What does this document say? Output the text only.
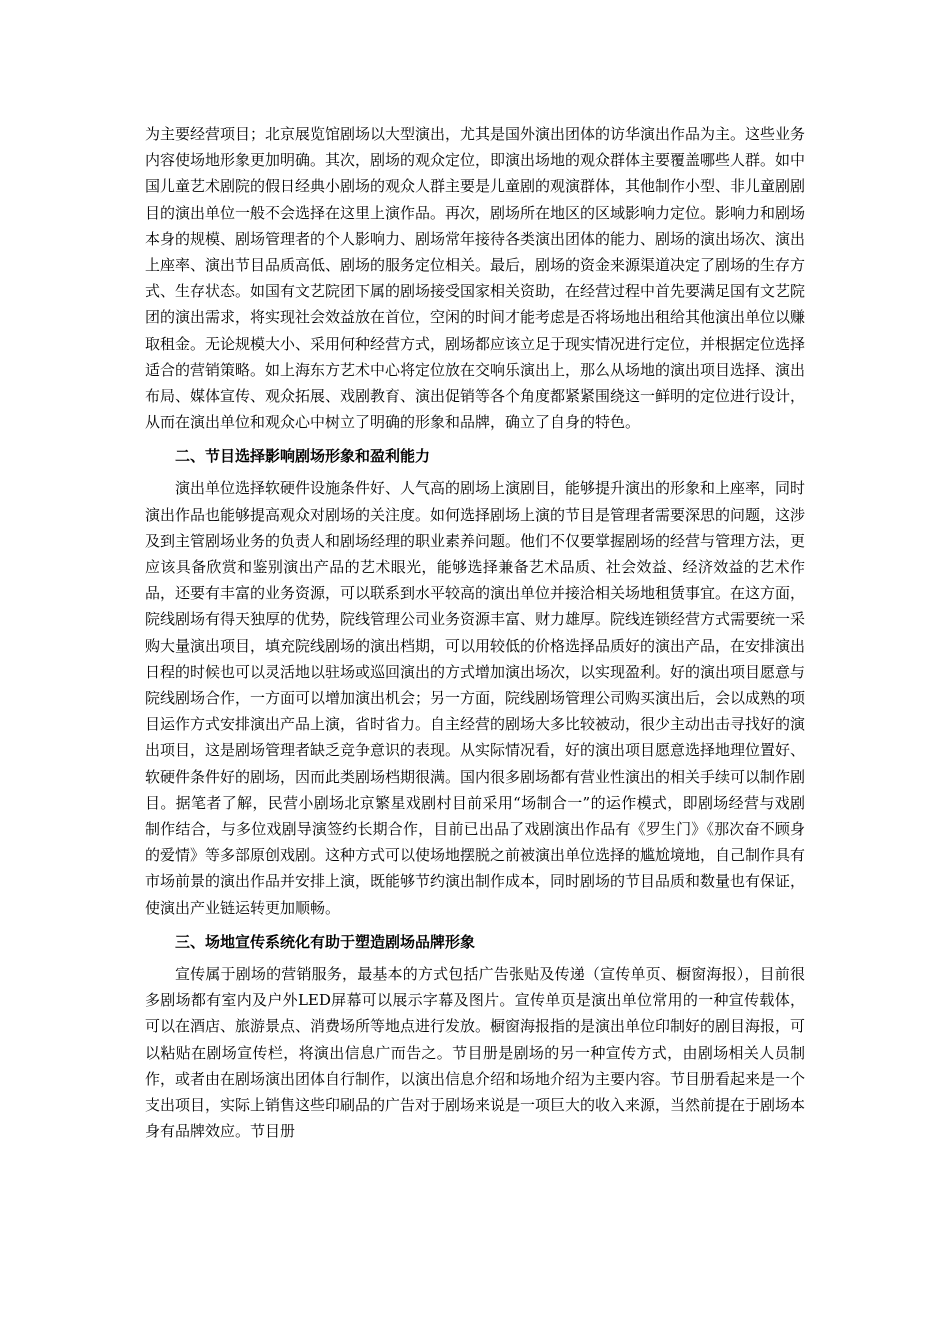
为主要经营项目；北京展览馆剧场以大型演出，尤其是国外演出团体的访华演出作品为主。这些业务内容使场地形象更加明确。其次，剧场的观众定位，即演出场地的观众群体主要覆盖哪些人群。如中国儿童艺术剧院的假日经典小剧场的观众人群主要是儿童剧的观演群体，其他制作小型、非儿童剧剧目的演出单位一般不会选择在这里上演作品。再次，剧场所在地区的区域影响力定位。影响力和剧场本身的规模、剧场管理者的个人影响力、剧场常年接待各类演出团体的能力、剧场的演出场次、演出上座率、演出节目品质高低、剧场的服务定位相关。最后，剧场的资金来源渠道决定了剧场的生存方式、生存状态。如国有文艺院团下属的剧场接受国家相关资助，在经营过程中首先要满足国有文艺院团的演出需求，将实现社会效益放在首位，空闲的时间才能考虑是否将场地出租给其他演出单位以赚取租金。无论规模大小、采用何种经营方式，剧场都应该立足于现实情况进行定位，并根据定位选择适合的营销策略。如上海东方艺术中心将定位放在交响乐演出上，那么从场地的演出项目选择、演出布局、媒体宣传、观众拓展、戏剧教育、演出促销等各个角度都紧紧围绕这一鲜明的定位进行设计，从而在演出单位和观众心中树立了明确的形象和品牌，确立了自身的特色。

二、节目选择影响剧场形象和盈利能力

演出单位选择软硬件设施条件好、人气高的剧场上演剧目，能够提升演出的形象和上座率，同时演出作品也能够提高观众对剧场的关注度。如何选择剧场上演的节目是管理者需要深思的问题，这涉及到主管剧场业务的负责人和剧场经理的职业素养问题。他们不仅要掌握剧场的经营与管理方法，更应该具备欣赏和鉴别演出产品的艺术眼光，能够选择兼备艺术品质、社会效益、经济效益的艺术作品，还要有丰富的业务资源，可以联系到水平较高的演出单位并接洽相关场地租赁事宜。在这方面，院线剧场有得天独厚的优势，院线管理公司业务资源丰富、财力雄厚。院线连锁经营方式需要统一采购大量演出项目，填充院线剧场的演出档期，可以用较低的价格选择品质好的演出产品，在安排演出日程的时候也可以灵活地以驻场或巡回演出的方式增加演出场次，以实现盈利。好的演出项目愿意与院线剧场合作，一方面可以增加演出机会；另一方面，院线剧场管理公司购买演出后，会以成熟的项目运作方式安排演出产品上演，省时省力。自主经营的剧场大多比较被动，很少主动出击寻找好的演出项目，这是剧场管理者缺乏竞争意识的表现。从实际情况看，好的演出项目愿意选择地理位置好、软硬件条件好的剧场，因而此类剧场档期很满。国内很多剧场都有营业性演出的相关手续可以制作剧目。据笔者了解，民营小剧场北京繁星戏剧村目前采用“场制合一”的运作模式，即剧场经营与戏剧制作结合，与多位戏剧导演签约长期合作，目前已出品了戏剧演出作品有《罗生门》《那次奋不顾身的爱情》等多部原创戏剧。这种方式可以使场地摆脱之前被演出单位选择的尴尬境地，自己制作具有市场前景的演出作品并安排上演，既能够节约演出制作成本，同时剧场的节目品质和数量也有保证，使演出产业链运转更加顺畅。

三、场地宣传系统化有助于塑造剧场品牌形象

宣传属于剧场的营销服务，最基本的方式包括广告张贴及传递（宣传单页、橱窗海报），目前很多剧场都有室内及户外LED屏幕可以展示字幕及图片。宣传单页是演出单位常用的一种宣传载体，可以在酒店、旅游景点、消费场所等地点进行发放。橱窗海报指的是演出单位印制好的剧目海报，可以粘贴在剧场宣传栏，将演出信息广而告之。节目册是剧场的另一种宣传方式，由剧场相关人员制作，或者由在剧场演出团体自行制作，以演出信息介绍和场地介绍为主要内容。节目册看起来是一个支出项目，实际上销售这些印刷品的广告对于剧场来说是一项巨大的收入来源，当然前提在于剧场本身有品牌效应。节目册
